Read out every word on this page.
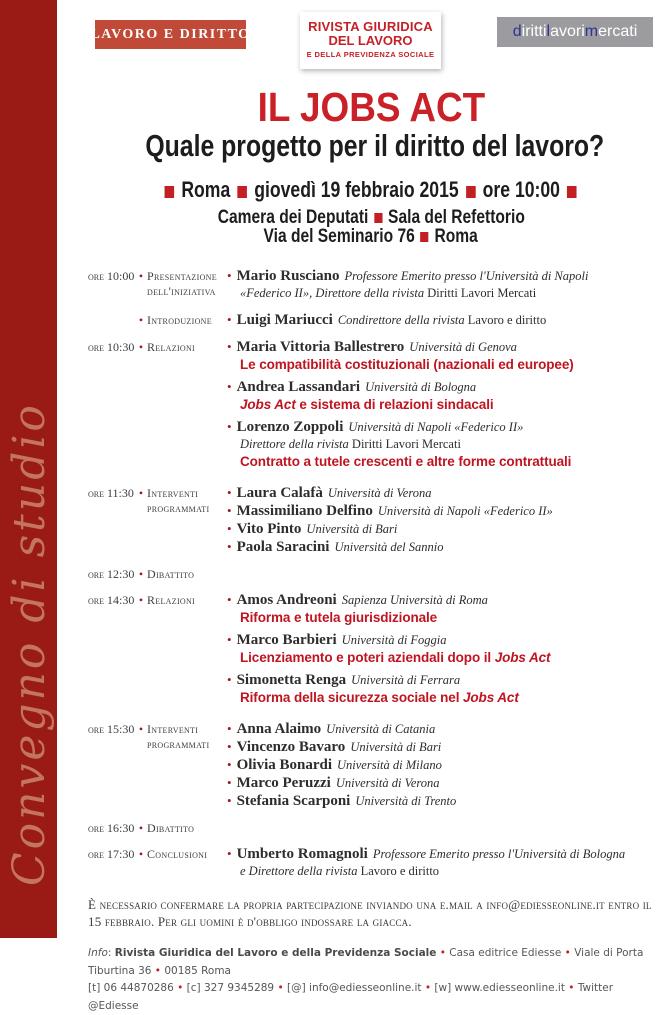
Convegno di studio
LAVORO E DIRITTO	RIVISTA GIURIDICA
DEL LAVORO
E DELLA PREVIDENZA SOCIALE
dirittilavorimercati
IL JOBS ACT
Quale progetto per il diritto del lavoro?
Roma giovedì 19 febbraio 2015 ore 10:00
Camera dei Deputati Sala del Refettorio
Via del Seminario 76 Roma
ore 10:00 • Presentazione dell'iniziativa
• Mario Rusciano Professore Emerito presso l'Università di Napoli
«Federico II», Direttore della rivista Diritti Lavori Mercati
• Introduzione	• Luigi Mariucci Condirettore della rivista Lavoro e diritto
ore 10:30 • Relazioni	• Maria Vittoria Ballestrero Università di Genova
Le compatibilità costituzionali (nazionali ed europee)
• Andrea Lassandari Università di Bologna
Jobs Act e sistema di relazioni sindacali
• Lorenzo Zoppoli Università di Napoli «Federico II»
Direttore della rivista Diritti Lavori Mercati
Contratto a tutele crescenti e altre forme contrattuali
ore 11:30 • Interventi programmati
• Laura Calafà Università di Verona
• Massimiliano Delfino Università di Napoli «Federico II»
• Vito Pinto Università di Bari
• Paola Saracini Università del Sannio
ore 12:30 • Dibattito
ore 14:30 • Relazioni	• Amos Andreoni Sapienza Università di Roma
Riforma e tutela giurisdizionale
• Marco Barbieri Università di Foggia
Licenziamento e poteri aziendali dopo il Jobs Act
• Simonetta Renga Università di Ferrara
Riforma della sicurezza sociale nel Jobs Act
ore 15:30 • Interventi programmati
• Anna Alaimo Università di Catania
• Vincenzo Bavaro Università di Bari
• Olivia Bonardi Università di Milano
• Marco Peruzzi Università di Verona
• Stefania Scarponi Università di Trento
ore 16:30 • Dibattito
ore 17:30 • Conclusioni	• Umberto Romagnoli Professore Emerito presso l'Università di Bologna
e Direttore della rivista Lavoro e diritto
È necessario confermare la propria partecipazione inviando una e.mail a info@ediesseonline.it entro il 15 febbraio. Per gli uomini è d'obbligo indossare la giacca.
Info: Rivista Giuridica del Lavoro e della Previdenza Sociale • Casa editrice Ediesse • Viale di Porta Tiburtina 36 • 00185 Roma
[t] 06 44870286 • [c] 327 9345289 • [@] info@ediesseonline.it • [w] www.ediesseonline.it • Twitter @Ediesse
